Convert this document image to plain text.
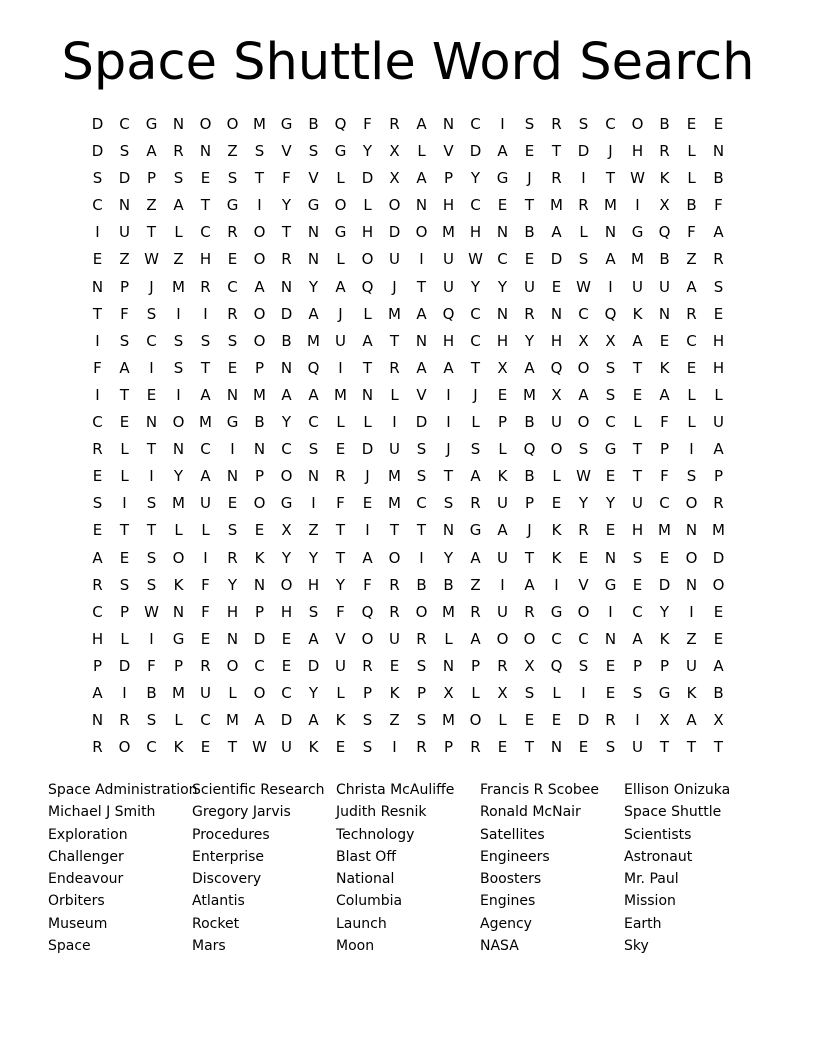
Space Shuttle Word Search
D	C	G	N	O	O M G	B	Q	F	R	A	N	C	I	S	R	S	C	O	B	E	E
D	S	A	R	N	Z	S	V	S	G	Y	X	L	V	D	A	E	T	D	J	H	R	L	N
S	D	P	S	E	S	T	F	V	L	D	X	A	P	Y	G	J	R	I	T	W K	L	B
C	N	Z	A	T	G	I	Y	G	O	L	O	N	H	C	E	T	M	R	M	I	X	B	F
I	U	T	L	C	R	O	T	N	G	H	D	O M H	N	B	A	L	N	G	Q	F	A
E	Z W Z	H	E	O	R	N	L	O	U	I	U W C	E	D	S	A	M	B	Z	R
N	P	J	M	R	C	A	N	Y	A	Q	J	T	U	Y	Y	U	E W	I	U	U	A	S
T	F	S	I	I	R	O	D	A	J	L	M	A	Q	C	N	R	N	C	Q	K	N	R	E
I	S	C	S	S	S	O	B	M	U	A	T	N	H	C	H	Y	H	X	X	A	E	C	H
F	A	I	S	T	E	P	N	Q	I	T	R	A	A	T	X	A	Q	O	S	T	K	E	H
I	T	E	I	A	N M	A	A	M N	L	V	I	J	E	M	X	A	S	E	A	L	L
C	E	N	O M G	B	Y	C	L	L	I	D	I	L	P	B	U	O	C	L	F	L	U
R	L	T	N	C	I	N	C	S	E	D	U	S	J	S	L	Q	O	S	G	T	P	I	A
E	L	I	Y	A	N	P	O	N	R	J	M	S	T	A	K	B	L	W E	T	F	S	P
S	I	S	M	U	E	O	G	I	F	E	M	C	S	R	U	P	E	Y	Y	U	C	O	R
E	T	T	L	L	S	E	X	Z	T	I	T	T	N	G	A	J	K	R	E	H M N M
A	E	S	O	I	R	K	Y	Y	T	A	O	I	Y	A	U	T	K	E	N	S	E	O	D
R	S	S	K	F	Y	N	O	H	Y	F	R	B	B	Z	I	A	I	V	G	E	D	N	O
C	P	W N	F	H	P	H	S	F	Q	R	O M	R	U	R	G	O	I	C	Y	I	E
H	L	I	G	E	N	D	E	A	V	O	U	R	L	A	O	O	C	C	N	A	K	Z	E
P	D	F	P	R	O	C	E	D	U	R	E	S	N	P	R	X	Q	S	E	P	P	U	A
A	I	B	M	U	L	O	C	Y	L	P	K	P	X	L	X	S	L	I	E	S	G	K	B
N	R	S	L	C	M	A	D	A	K	S	Z	S	M O	L	E	E	D	R	I	X	A	X
R	O	C	K	E	T	W U	K	E	S	I	R	P	R	E	T	N	E	S	U	T	T	T
Space Administration
Michael J Smith
Exploration
Challenger
Endeavour
Orbiters
Museum
Space
Scientific Research
Gregory Jarvis
Procedures
Enterprise
Discovery
Atlantis
Rocket
Mars
Christa McAuliffe
Judith Resnik
Technology
Blast Off
National
Columbia
Launch
Moon
Francis R Scobee
Ronald McNair
Satellites
Engineers
Boosters
Engines
Agency
NASA
Ellison Onizuka
Space Shuttle
Scientists
Astronaut
Mr. Paul
Mission
Earth
Sky
